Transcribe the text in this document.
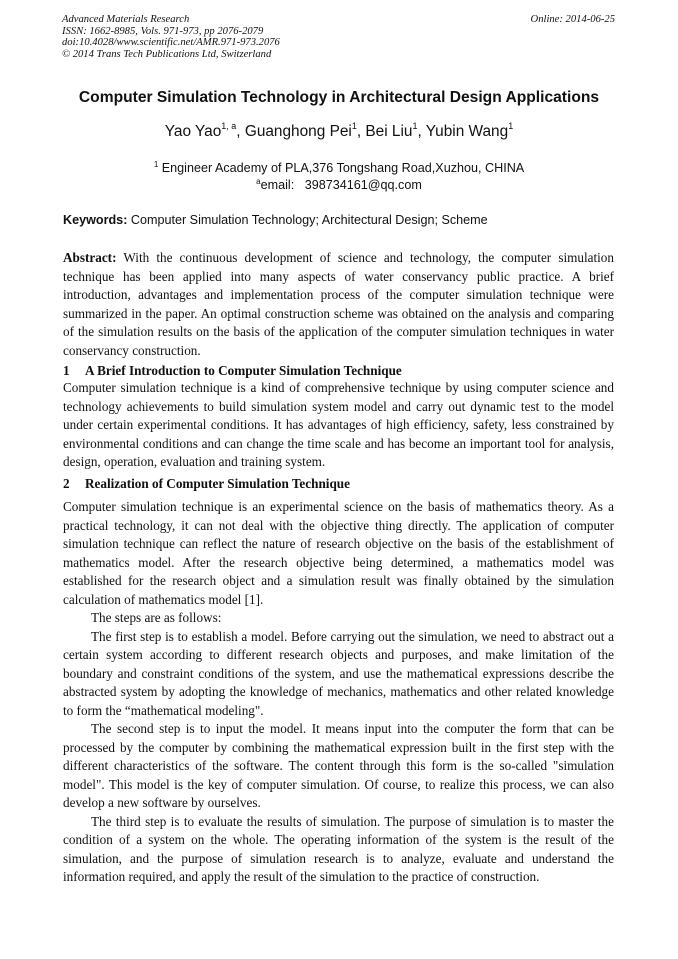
Advanced Materials Research
ISSN: 1662-8985, Vols. 971-973, pp 2076-2079
doi:10.4028/www.scientific.net/AMR.971-973.2076
© 2014 Trans Tech Publications Ltd, Switzerland
Online: 2014-06-25
Computer Simulation Technology in Architectural Design Applications
Yao Yao$^{1, a}$, Guanghong Pei$^1$, Bei Liu$^1$, Yubin Wang$^1$
$^1$ Engineer Academy of PLA,376 Tongshang Road,Xuzhou, CHINA
$^a$email: 398734161@qq.com
Keywords: Computer Simulation Technology; Architectural Design; Scheme

Abstract: With the continuous development of science and technology, the computer simulation technique has been applied into many aspects of water conservancy public practice. A brief introduction, advantages and implementation process of the computer simulation technique were summarized in the paper. An optimal construction scheme was obtained on the analysis and comparing of the simulation results on the basis of the application of the computer simulation techniques in water conservancy construction.

1 A Brief Introduction to Computer Simulation Technique

Computer simulation technique is a kind of comprehensive technique by using computer science and technology achievements to build simulation system model and carry out dynamic test to the model under certain experimental conditions. It has advantages of high efficiency, safety, less constrained by environmental conditions and can change the time scale and has become an important tool for analysis, design, operation, evaluation and training system.

2 Realization of Computer Simulation Technique

Computer simulation technique is an experimental science on the basis of mathematics theory. As a practical technology, it can not deal with the objective thing directly. The application of computer simulation technique can reflect the nature of research objective on the basis of the establishment of mathematics model. After the research objective being determined, a mathematics model was established for the research object and a simulation result was finally obtained by the simulation calculation of mathematics model [1].

The steps are as follows:

The first step is to establish a model. Before carrying out the simulation, we need to abstract out a certain system according to different research objects and purposes, and make limitation of the boundary and constraint conditions of the system, and use the mathematical expressions describe the abstracted system by adopting the knowledge of mechanics, mathematics and other related knowledge to form the “mathematical modeling".

The second step is to input the model. It means input into the computer the form that can be processed by the computer by combining the mathematical expression built in the first step with the different characteristics of the software. The content through this form is the so-called "simulation model". This model is the key of computer simulation. Of course, to realize this process, we can also develop a new software by ourselves.

The third step is to evaluate the results of simulation. The purpose of simulation is to master the condition of a system on the whole. The operating information of the system is the result of the simulation, and the purpose of simulation research is to analyze, evaluate and understand the information required, and apply the result of the simulation to the practice of construction.
